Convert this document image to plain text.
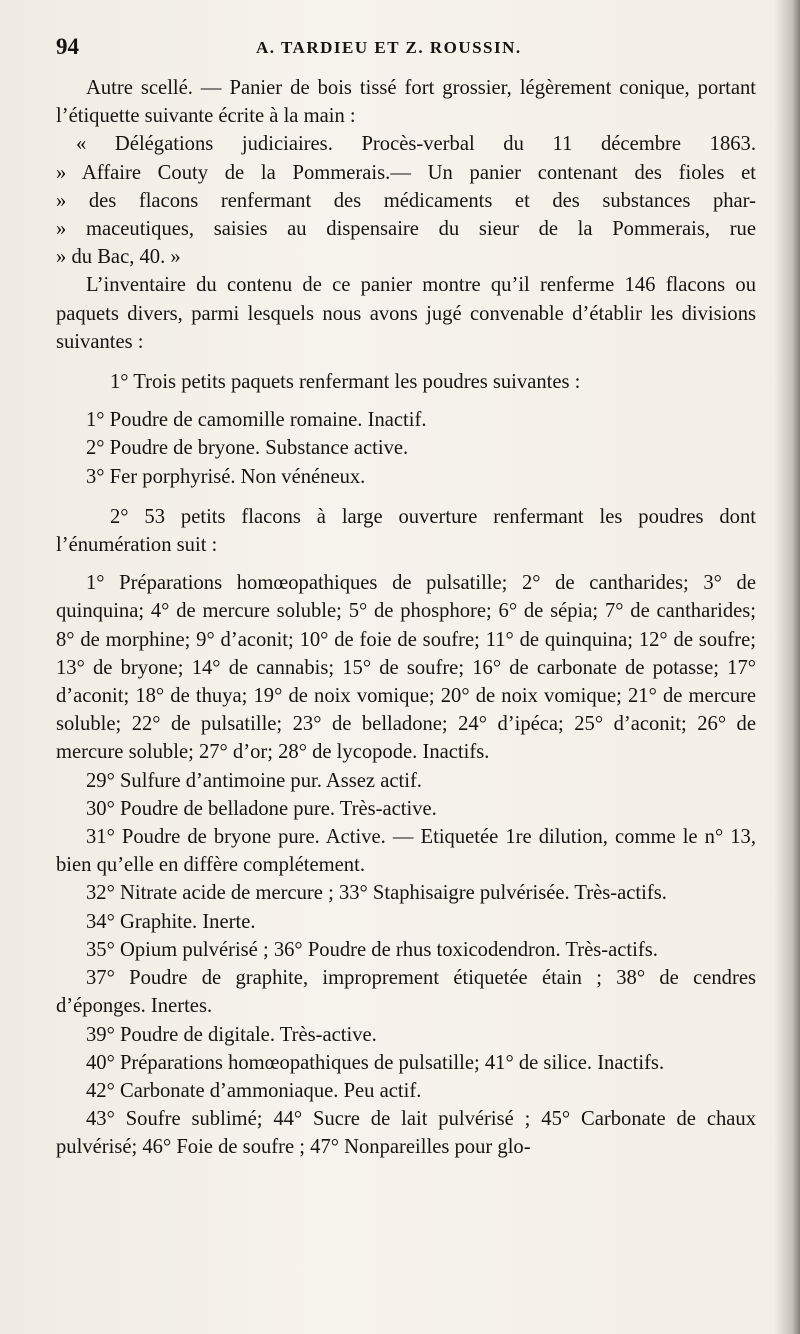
94	A. TARDIEU ET Z. ROUSSIN.

Autre scellé. — Panier de bois tissé fort grossier, légèrement conique, portant l’étiquette suivante écrite à la main :

« Délégations judiciaires. Procès-verbal du 11 décembre 1863.

» Affaire Couty de la Pommerais.— Un panier contenant des fioles et

» des flacons renfermant des médicaments et des substances phar-

» maceutiques, saisies au dispensaire du sieur de la Pommerais, rue

» du Bac, 40. »

L’inventaire du contenu de ce panier montre qu’il renferme 146 flacons ou paquets divers, parmi lesquels nous avons jugé convenable d’établir les divisions suivantes :

1° Trois petits paquets renfermant les poudres suivantes :

1° Poudre de camomille romaine. Inactif.

2° Poudre de bryone. Substance active.

3° Fer porphyrisé. Non vénéneux.

2° 53 petits flacons à large ouverture renfermant les poudres dont l’énumération suit :

1° Préparations homœopathiques de pulsatille; 2° de cantharides; 3° de quinquina; 4° de mercure soluble; 5° de phosphore; 6° de sépia; 7° de cantharides; 8° de morphine; 9° d’aconit; 10° de foie de soufre; 11° de quinquina; 12° de soufre; 13° de bryone; 14° de cannabis; 15° de soufre; 16° de carbonate de potasse; 17° d’aconit; 18° de thuya; 19° de noix vomique; 20° de noix vomique; 21° de mercure soluble; 22° de pulsatille; 23° de belladone; 24° d’ipéca; 25° d’aconit; 26° de mercure soluble; 27° d’or; 28° de lycopode. Inactifs.

29° Sulfure d’antimoine pur. Assez actif.

30° Poudre de belladone pure. Très-active.

31° Poudre de bryone pure. Active. — Etiquetée 1re dilution, comme le n° 13, bien qu’elle en diffère complétement.

32° Nitrate acide de mercure ; 33° Staphisaigre pulvérisée. Très-actifs.

34° Graphite. Inerte.

35° Opium pulvérisé ; 36° Poudre de rhus toxicodendron. Très-actifs.

37° Poudre de graphite, improprement étiquetée étain ; 38° de cendres d’éponges. Inertes.

39° Poudre de digitale. Très-active.

40° Préparations homœopathiques de pulsatille; 41° de silice. Inactifs.

42° Carbonate d’ammoniaque. Peu actif.

43° Soufre sublimé; 44° Sucre de lait pulvérisé ; 45° Carbonate de chaux pulvérisé; 46° Foie de soufre ; 47° Nonpareilles pour glo-
